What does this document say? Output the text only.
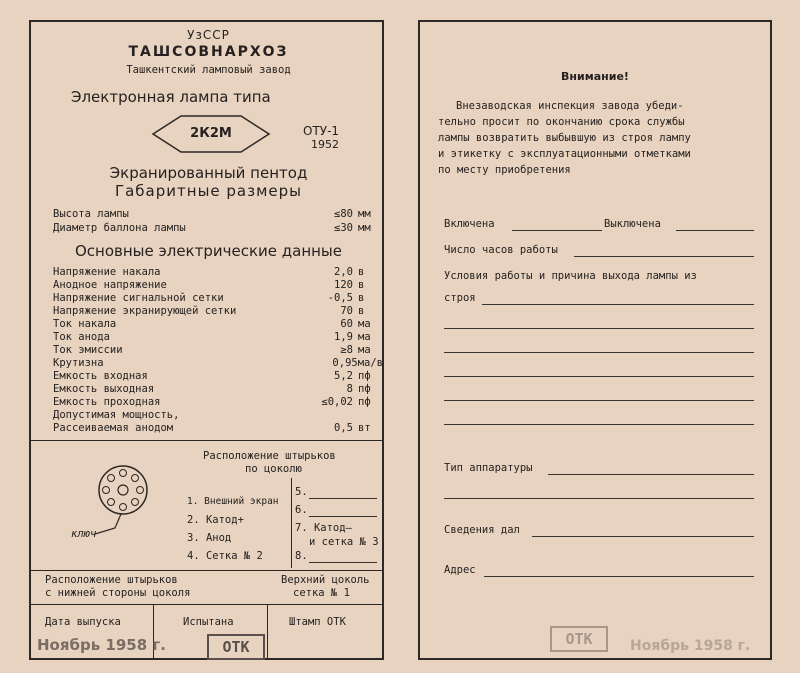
УзССР
ТАШСОВНАРХОЗ
Ташкентский ламповый завод
Электронная лампа типа
2К2М	ОТУ-1
1952
Экранированный пентод
Габаритные размеры
Высота лампы	≤80 мм
Диаметр баллона лампы	≤30 мм
Основные электрические данные
Напряжение накала	2,0 в
Анодное напряжение	120 в
Напряжение сигнальной сетки	-0,5 в
Напряжение экранирующей сетки	70 в
Ток накала	60 ма
Ток анода	1,9 ма
Ток эмиссии	≥8 ма
Крутизна	0,95ма/в
Емкость входная	5,2 пф
Емкость выходная	8 пф
Емкость проходная	≤0,02 пф
Допустимая мощность,
Рассеиваемая анодом	0,5 вт
Расположение штырьков
по цоколю
ключ
1. Внешний экран
2. Катод+
3. Анод
4. Сетка № 2
5.
6.
7. Катод—
и сетка № 3
8.
Расположение штырьков
с нижней стороны цоколя
Верхний цоколь
сетка № 1
Дата выпуска	Испытана	Штамп ОТК
Ноябрь 1958 г.	ОТК
Внимание!
Внезаводская инспекция завода убеди-
тельно просит по окончанию срока службы
лампы возвратить выбывшую из строя лампу
и этикетку с эксплуатационными отметками
по месту приобретения
Включена	Выключена
Число часов работы
Условия работы и причина выхода лампы из
строя
Тип аппаратуры
Сведения дал
Адрес
Ноябрь 1958 г.
ОТК
